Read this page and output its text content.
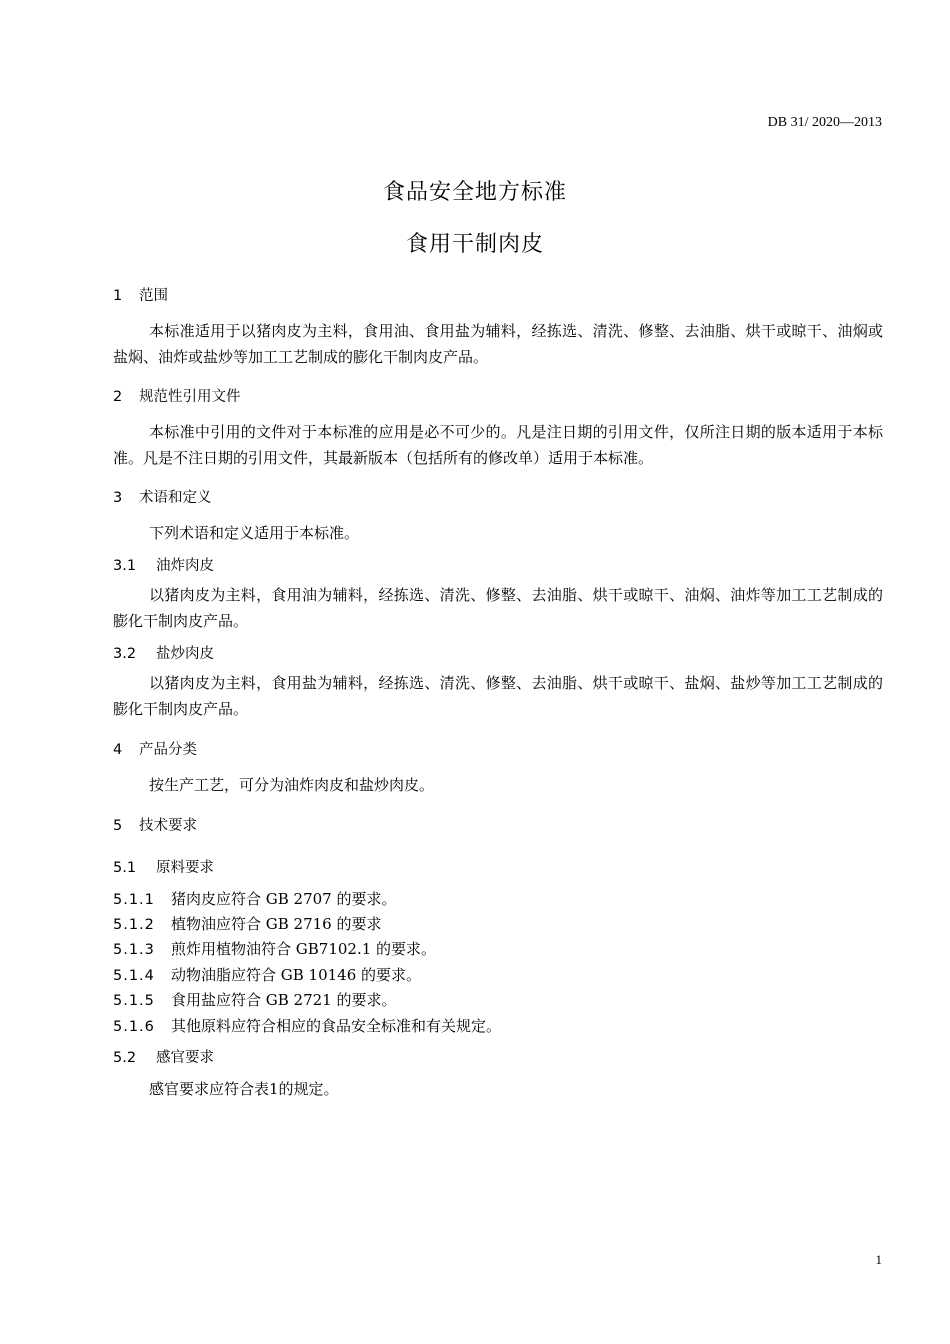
DB 31/ 2020—2013
食品安全地方标准
食用干制肉皮
1 范围
本标准适用于以猪肉皮为主料，食用油、食用盐为辅料，经拣选、清洗、修整、去油脂、烘干或晾干、油焖或盐焖、油炸或盐炒等加工工艺制成的膨化干制肉皮产品。
2 规范性引用文件
本标准中引用的文件对于本标准的应用是必不可少的。凡是注日期的引用文件，仅所注日期的版本适用于本标准。凡是不注日期的引用文件，其最新版本（包括所有的修改单）适用于本标准。
3 术语和定义
下列术语和定义适用于本标准。
3.1 油炸肉皮
以猪肉皮为主料，食用油为辅料，经拣选、清洗、修整、去油脂、烘干或晾干、油焖、油炸等加工工艺制成的膨化干制肉皮产品。
3.2 盐炒肉皮
以猪肉皮为主料，食用盐为辅料，经拣选、清洗、修整、去油脂、烘干或晾干、盐焖、盐炒等加工工艺制成的膨化干制肉皮产品。
4 产品分类
按生产工艺，可分为油炸肉皮和盐炒肉皮。
5 技术要求
5.1 原料要求
5.1.1 猪肉皮应符合 GB 2707 的要求。
5.1.2 植物油应符合 GB 2716 的要求
5.1.3 煎炸用植物油符合 GB7102.1 的要求。
5.1.4 动物油脂应符合 GB 10146 的要求。
5.1.5 食用盐应符合 GB 2721 的要求。
5.1.6 其他原料应符合相应的食品安全标准和有关规定。
5.2 感官要求
感官要求应符合表1的规定。
1
